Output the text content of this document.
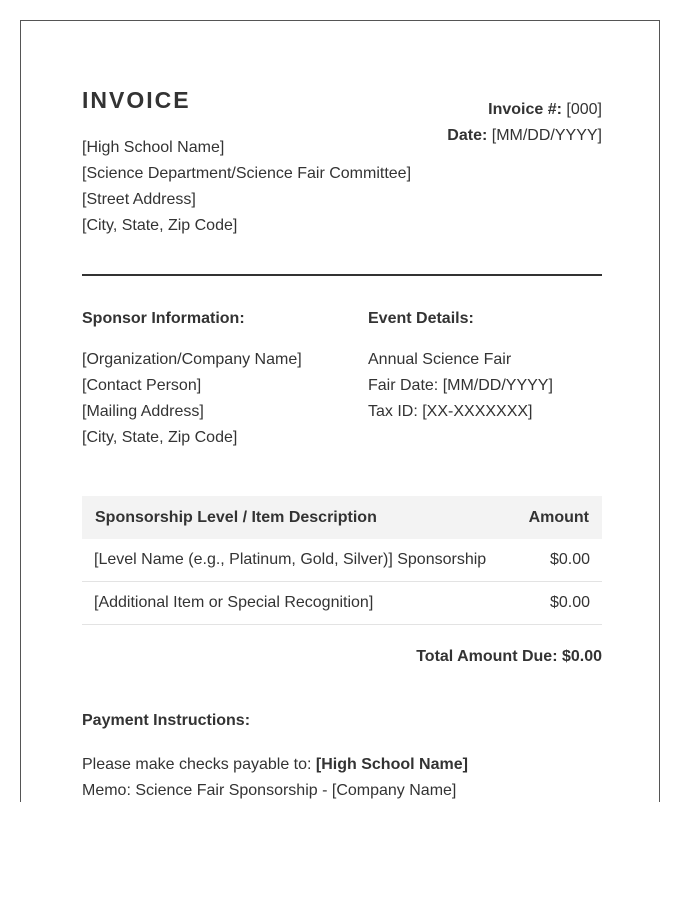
INVOICE
[High School Name]
[Science Department/Science Fair Committee]
[Street Address]
[City, State, Zip Code]
Invoice #: [000]
Date: [MM/DD/YYYY]
Sponsor Information:
[Organization/Company Name]
[Contact Person]
[Mailing Address]
[City, State, Zip Code]
Event Details:
Annual Science Fair
Fair Date: [MM/DD/YYYY]
Tax ID: [XX-XXXXXXX]
Sponsorship Level / Item Description	Amount
[Level Name (e.g., Platinum, Gold, Silver)] Sponsorship	$0.00
[Additional Item or Special Recognition]	$0.00
Total Amount Due: $0.00
Payment Instructions:
Please make checks payable to: [High School Name]
Memo: Science Fair Sponsorship - [Company Name]
